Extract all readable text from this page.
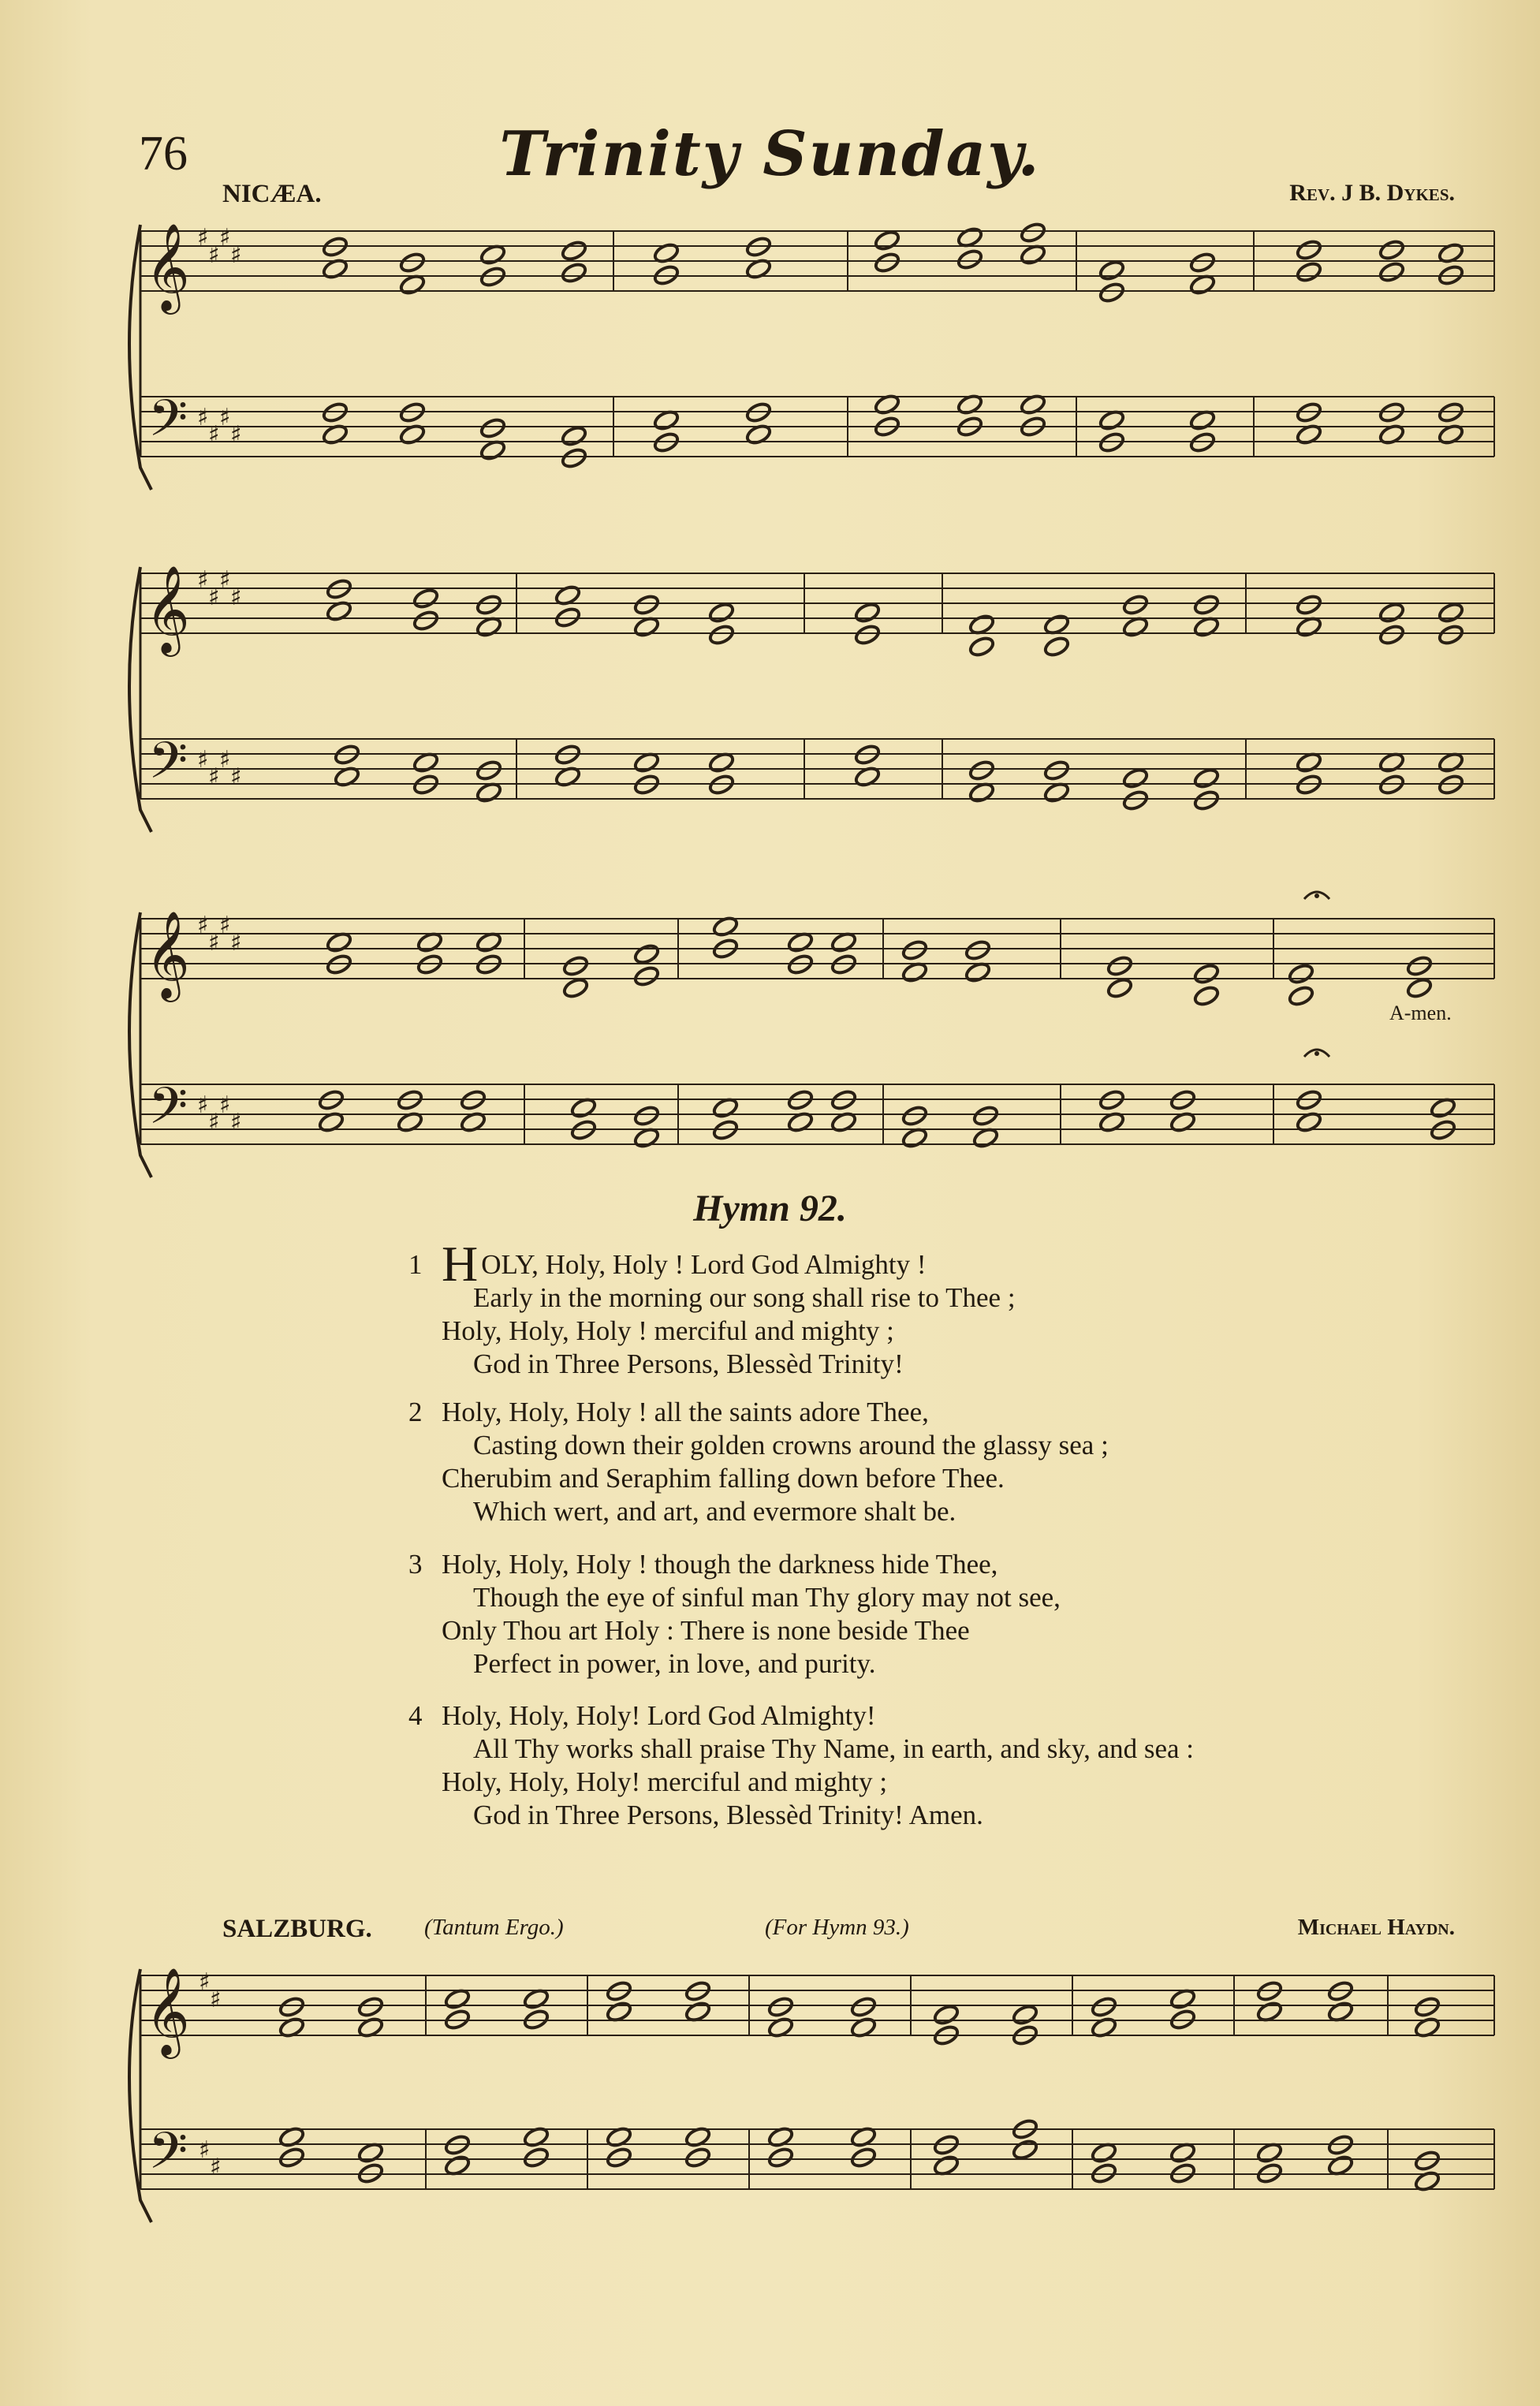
76	Trinity Sunday.
NICÆA.	Rev. J B. Dykes.
𝄞
𝄢
♯
♯
♯
♯
♯
♯
♯
♯
𝄞
𝄢
♯
♯
♯
♯
♯
♯
♯
♯
𝄞
𝄢
♯
♯
♯
♯
♯
♯
♯
♯
𝄞
𝄢
♯
♯
♯
♯
A-men.
Hymn 92.
1 H OLY, Holy, Holy ! Lord God Almighty !
Early in the morning our song shall rise to Thee ;
Holy, Holy, Holy ! merciful and mighty ;
God in Three Persons, Blessèd Trinity!
2 Holy, Holy, Holy ! all the saints adore Thee,
Casting down their golden crowns around the glassy sea ;
Cherubim and Seraphim falling down before Thee.
Which wert, and art, and evermore shalt be.
3 Holy, Holy, Holy ! though the darkness hide Thee,
Though the eye of sinful man Thy glory may not see,
Only Thou art Holy : There is none beside Thee
Perfect in power, in love, and purity.
4 Holy, Holy, Holy! Lord God Almighty!
All Thy works shall praise Thy Name, in earth, and sky, and sea :
Holy, Holy, Holy! merciful and mighty ;
God in Three Persons, Blessèd Trinity! Amen.
SALZBURG. (Tantum Ergo.)	(For Hymn 93.)	Michael Haydn.
